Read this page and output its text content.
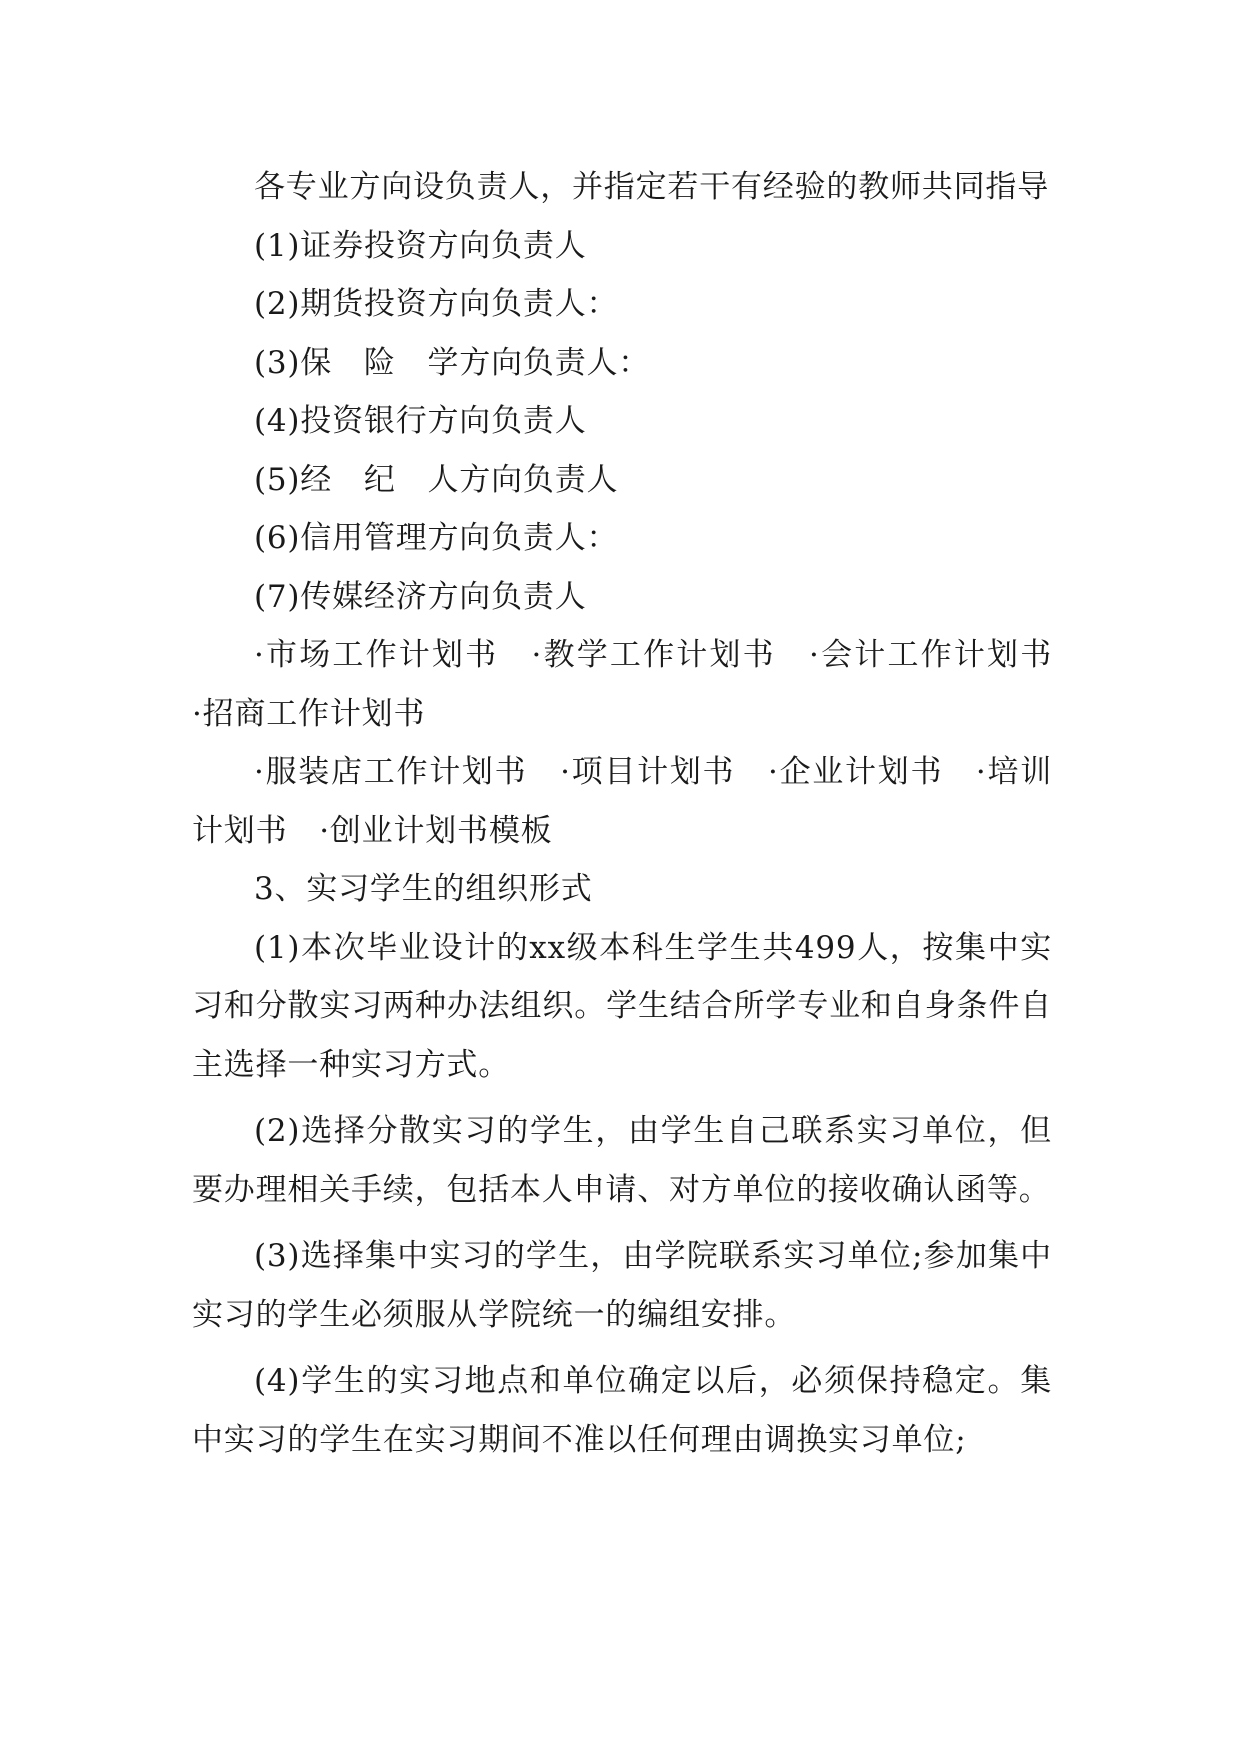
各专业方向设负责人，并指定若干有经验的教师共同指导

(1)证券投资方向负责人

(2)期货投资方向负责人：

(3)保　险　学方向负责人：

(4)投资银行方向负责人

(5)经　纪　人方向负责人

(6)信用管理方向负责人：

(7)传媒经济方向负责人

·市场工作计划书　·教学工作计划书　·会计工作计划书　·招商工作计划书

·服装店工作计划书　·项目计划书　·企业计划书　·培训计划书　·创业计划书模板

3、实习学生的组织形式

(1)本次毕业设计的xx级本科生学生共499人，按集中实习和分散实习两种办法组织。学生结合所学专业和自身条件自主选择一种实习方式。

(2)选择分散实习的学生，由学生自己联系实习单位，但要办理相关手续，包括本人申请、对方单位的接收确认函等。

(3)选择集中实习的学生，由学院联系实习单位;参加集中实习的学生必须服从学院统一的编组安排。

(4)学生的实习地点和单位确定以后，必须保持稳定。集中实习的学生在实习期间不准以任何理由调换实习单位;
